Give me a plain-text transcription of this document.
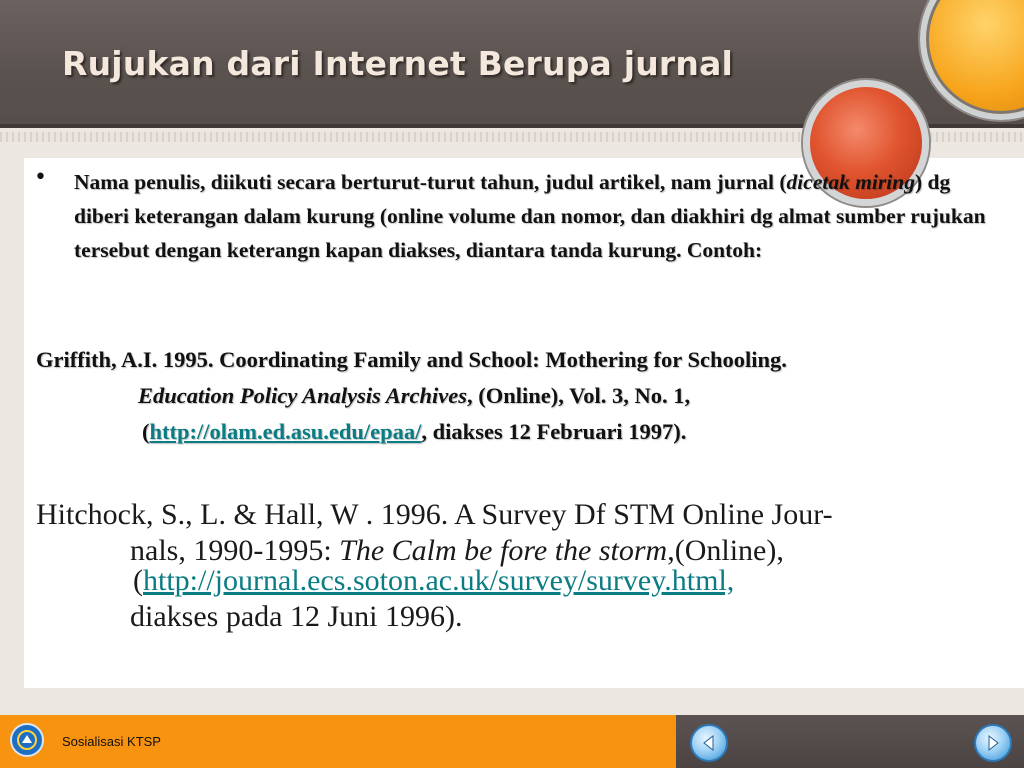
Rujukan dari Internet Berupa jurnal
• Nama penulis, diikuti secara berturut-turut tahun, judul artikel, nam jurnal (dicetak miring) dg diberi keterangan dalam kurung (online volume dan nomor, dan diakhiri dg almat sumber rujukan tersebut dengan keterangn kapan diakses, diantara tanda kurung. Contoh:
Griffith, A.I. 1995. Coordinating Family and School: Mothering for Schooling.
Education Policy Analysis Archives, (Online), Vol. 3, No. 1,
(http://olam.ed.asu.edu/epaa/, diakses 12 Februari 1997).
Hitchock, S., L. & Hall, W . 1996. A Survey Df STM Online Jour-
nals, 1990-1995: The Calm be fore the storm,(Online),
(http://journal.ecs.soton.ac.uk/survey/survey.html,
diakses pada 12 Juni 1996).
Sosialisasi KTSP
